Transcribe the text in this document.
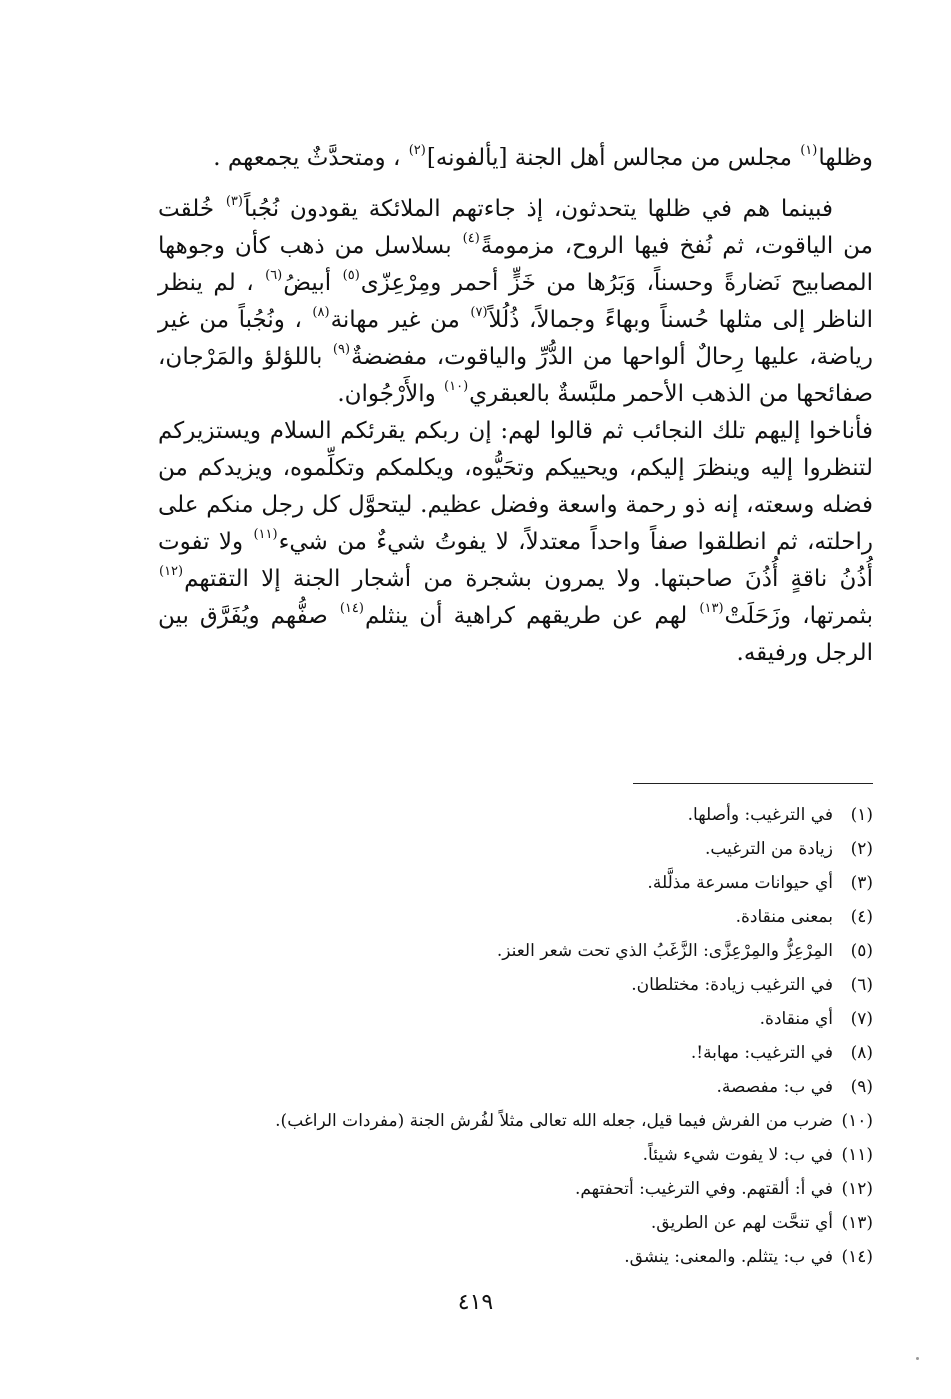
وظلها$^{(١)}$ مجلس من مجالس أهل الجنة [يألفونه]$^{(٢)}$ ، ومتحدَّثٌ يجمعهم .

فبينما هم في ظلها يتحدثون، إذ جاءتهم الملائكة يقودون نُجُباً$^{(٣)}$ خُلقت من الياقوت، ثم نُفخ فيها الروح، مزمومةً$^{(٤)}$ بسلاسل من ذهب كأن وجوهها المصابيح نَضارةً وحسناً، وَبَرُها من خَزٍّ أحمر ومِرْعِزّى$^{(٥)}$ أبيضُ$^{(٦)}$ ، لم ينظر الناظر إلى مثلها حُسناً وبهاءً وجمالاً، ذُلُلاً$^{(٧)}$ من غير مهانة$^{(٨)}$ ، ونُجُباً من غير رياضة، عليها رِحالٌ ألواحها من الدُّرِّ والياقوت، مفضضةٌ$^{(٩)}$ باللؤلؤ والمَرْجان، صفائحها من الذهب الأحمر ملبَّسةٌ بالعبقري$^{(١٠)}$ والأَرْجُوان.

فأناخوا إليهم تلك النجائب ثم قالوا لهم: إن ربكم يقرئكم السلام ويستزيركم لتنظروا إليه وينظرَ إليكم، ويحييكم وتحَيُّوه، ويكلمكم وتكلِّموه، ويزيدكم من فضله وسعته، إنه ذو رحمة واسعة وفضل عظيم. ليتحوَّل كل رجل منكم على راحلته، ثم انطلقوا صفاً واحداً معتدلاً، لا يفوتُ شيءٌ من شيء$^{(١١)}$ ولا تفوت أُذُنُ ناقةٍ أُذُنَ صاحبتها. ولا يمرون بشجرة من أشجار الجنة إلا التقتهم$^{(١٢)}$ بثمرتها، وزَحَلَتْ$^{(١٣)}$ لهم عن طريقهم كراهية أن ينثلم$^{(١٤)}$ صفُّهم ويُفَرَّق بين الرجل ورفيقه.

(١)في الترغيب: وأصلها.
(٢)زيادة من الترغيب.
(٣)أي حيوانات مسرعة مذلَّلة.
(٤)بمعنى منقادة.
(٥)المِرْعِزُّ والمِرْعِزَّى: الزَّغَبُ الذي تحت شعر العنز.
(٦)في الترغيب زيادة: مختلطان.
(٧)أي منقادة.
(٨)في الترغيب: مهابة!.
(٩)في ب: مفصصة.
(١٠)ضرب من الفرش فيما قيل، جعله الله تعالى مثلاً لفُرش الجنة (مفردات الراغب).
(١١)في ب: لا يفوت شيء شيئاً.
(١٢)في أ: ألقتهم. وفي الترغيب: أتحفتهم.
(١٣)أي تنحَّت لهم عن الطريق.
(١٤)في ب: يتثلم. والمعنى: ينشق.
٤١٩
